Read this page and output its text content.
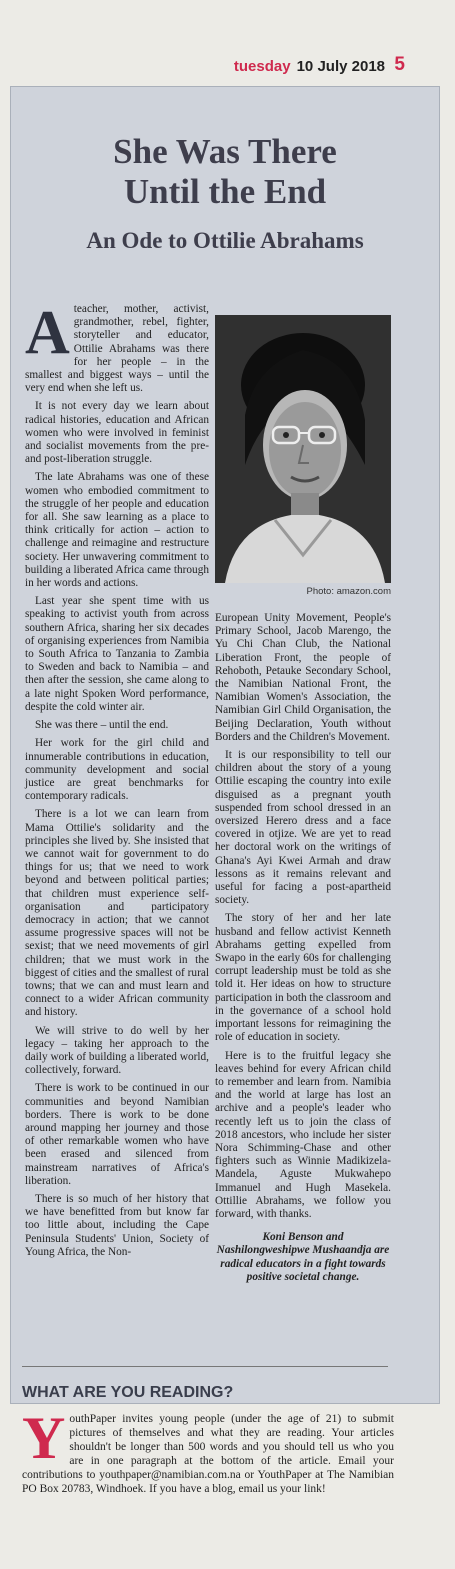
tuesday 10 July 2018 5
She Was There
Until the End
An Ode to Ottilie Abrahams

Ateacher, mother, activist, grandmother, rebel, fighter, storyteller and educator, Ottilie Abrahams was there for her people – in the smallest and biggest ways – until the very end when she left us.

It is not every day we learn about radical histories, education and African women who were involved in feminist and socialist movements from the pre- and post-liberation struggle.

The late Abrahams was one of these women who embodied commitment to the struggle of her people and education for all. She saw learning as a place to think critically for action – action to challenge and reimagine and restructure society. Her unwavering commitment to building a liberated Africa came through in her words and actions.

Last year she spent time with us speaking to activist youth from across southern Africa, sharing her six decades of organising experiences from Namibia to South Africa to Tanzania to Zambia to Sweden and back to Namibia – and then after the session, she came along to a late night Spoken Word performance, despite the cold winter air.

She was there – until the end.

Her work for the girl child and innumerable contributions in education, community development and social justice are great benchmarks for contemporary radicals.

There is a lot we can learn from Mama Ottilie's solidarity and the principles she lived by. She insisted that we cannot wait for government to do things for us; that we need to work beyond and between political parties; that children must experience self-organisation and participatory democracy in action; that we cannot assume progressive spaces will not be sexist; that we need movements of girl children; that we must work in the biggest of cities and the smallest of rural towns; that we can and must learn and connect to a wider African community and history.

We will strive to do well by her legacy – taking her approach to the daily work of building a liberated world, collectively, forward.

There is work to be continued in our communities and beyond Namibian borders. There is work to be done around mapping her journey and those of other remarkable women who have been erased and silenced from mainstream narratives of Africa's liberation.

There is so much of her history that we have benefitted from but know far too little about, including the Cape Peninsula Students' Union, Society of Young Africa, the Non-

Photo: amazon.com

European Unity Movement, People's Primary School, Jacob Marengo, the Yu Chi Chan Club, the National Liberation Front, the people of Rehoboth, Petauke Secondary School, the Namibian National Front, the Namibian Women's Association, the Namibian Girl Child Organisation, the Beijing Declaration, Youth without Borders and the Children's Movement.

It is our responsibility to tell our children about the story of a young Ottilie escaping the country into exile disguised as a pregnant youth suspended from school dressed in an oversized Herero dress and a face covered in otjize. We are yet to read her doctoral work on the writings of Ghana's Ayi Kwei Armah and draw lessons as it remains relevant and useful for facing a post-apartheid society.

The story of her and her late husband and fellow activist Kenneth Abrahams getting expelled from Swapo in the early 60s for challenging corrupt leadership must be told as she told it. Her ideas on how to structure participation in both the classroom and in the governance of a school hold important lessons for reimagining the role of education in society.

Here is to the fruitful legacy she leaves behind for every African child to remember and learn from. Namibia and the world at large has lost an archive and a people's leader who recently left us to join the class of 2018 ancestors, who include her sister Nora Schimming-Chase and other fighters such as Winnie Madikizela-Mandela, Aguste Mukwahepo Immanuel and Hugh Masekela. Ottillie Abrahams, we follow you forward, with thanks.

Koni Benson and Nashilongweshipwe Mushaandja are radical educators in a fight towards positive societal change.

WHAT ARE YOU READING?
YouthPaper invites young people (under the age of 21) to submit pictures of themselves and what they are reading. Your articles shouldn't be longer than 500 words and you should tell us who you are in one paragraph at the bottom of the article. Email your contributions to youthpaper@namibian.com.na or YouthPaper at The Namibian PO Box 20783, Windhoek. If you have a blog, email us your link!
